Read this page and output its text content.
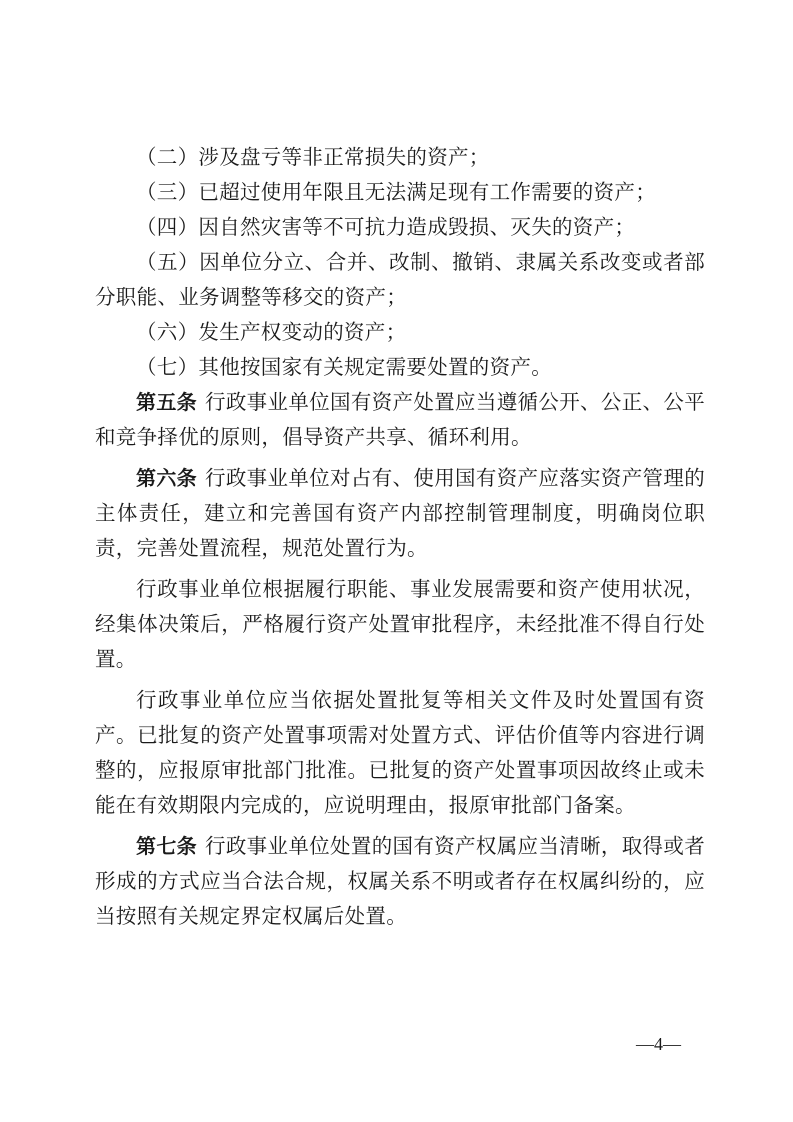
（二）涉及盘亏等非正常损失的资产；

（三）已超过使用年限且无法满足现有工作需要的资产；

（四）因自然灾害等不可抗力造成毁损、灭失的资产；

（五）因单位分立、合并、改制、撤销、隶属关系改变或者部分职能、业务调整等移交的资产；

（六）发生产权变动的资产；

（七）其他按国家有关规定需要处置的资产。

第五条 行政事业单位国有资产处置应当遵循公开、公正、公平和竞争择优的原则，倡导资产共享、循环利用。

第六条 行政事业单位对占有、使用国有资产应落实资产管理的主体责任，建立和完善国有资产内部控制管理制度，明确岗位职责，完善处置流程，规范处置行为。

行政事业单位根据履行职能、事业发展需要和资产使用状况，经集体决策后，严格履行资产处置审批程序，未经批准不得自行处置。

行政事业单位应当依据处置批复等相关文件及时处置国有资产。已批复的资产处置事项需对处置方式、评估价值等内容进行调整的，应报原审批部门批准。已批复的资产处置事项因故终止或未能在有效期限内完成的，应说明理由，报原审批部门备案。

第七条 行政事业单位处置的国有资产权属应当清晰，取得或者形成的方式应当合法合规，权属关系不明或者存在权属纠纷的，应当按照有关规定界定权属后处置。

—4—
